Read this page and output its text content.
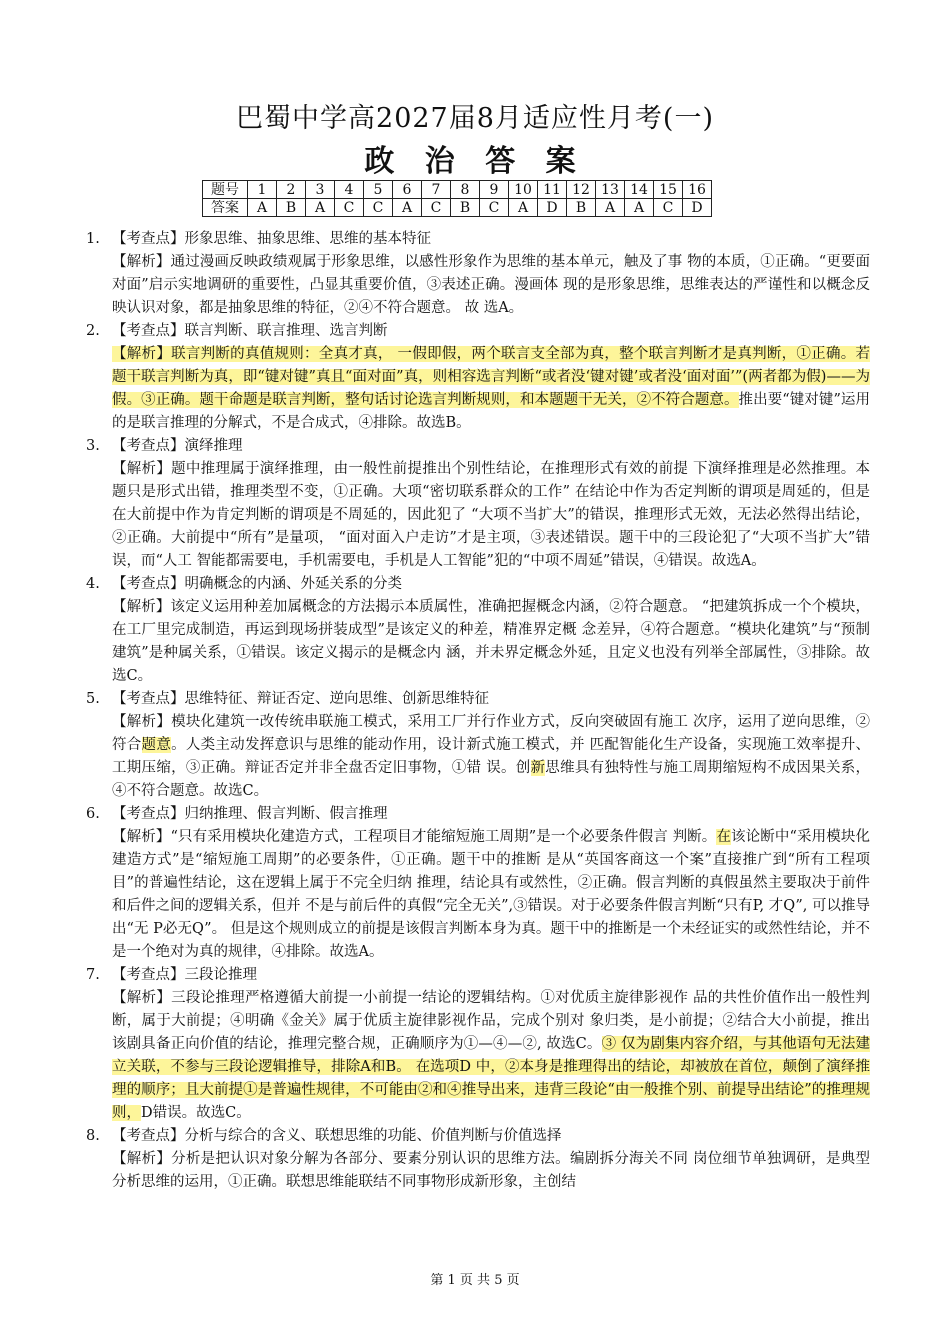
巴蜀中学高2027届8月适应性月考(一)
政 治 答 案
题号	1	2	3	4	5	6	7	8	9	10	11	12	13	14	15	16
答案	A	B	A	C	C	A	C	B	C	A	D	B	A	A	C	D
1. 【考查点】形象思维、抽象思维、思维的基本特征
【解析】通过漫画反映政绩观属于形象思维，以感性形象作为思维的基本单元，触及了事 物的本质，①正确。“更要面对面”启示实地调研的重要性，凸显其重要价值，③表述正确。漫画体 现的是形象思维，思维表达的严谨性和以概念反映认识对象，都是抽象思维的特征，②④不符合题意。 故 选A。
2. 【考查点】联言判断、联言推理、选言判断
【解析】联言判断的真值规则：全真才真， 一假即假，两个联言支全部为真，整个联言判断才是真判断，①正确。若题干联言判断为真，即“键对键”真且“面对面”真，则相容选言判断“或者没‘键对键’或者没‘面对面’”(两者都为假)——为假。③正确。题干命题是联言判断，整句话讨论选言判断规则，和本题题干无关，②不符合题意。推出要“键对键”运用的是联言推理的分解式，不是合成式，④排除。故选B。
3. 【考查点】演绎推理
【解析】题中推理属于演绎推理，由一般性前提推出个别性结论，在推理形式有效的前提 下演绎推理是必然推理。本题只是形式出错，推理类型不变，①正确。大项“密切联系群众的工作” 在结论中作为否定判断的谓项是周延的，但是在大前提中作为肯定判断的谓项是不周延的，因此犯了 “大项不当扩大”的错误，推理形式无效，无法必然得出结论，②正确。大前提中“所有”是量项， “面对面入户走访”才是主项，③表述错误。题干中的三段论犯了“大项不当扩大”错误，而“人工 智能都需要电，手机需要电，手机是人工智能”犯的“中项不周延”错误，④错误。故选A。
4. 【考查点】明确概念的内涵、外延关系的分类
【解析】该定义运用种差加属概念的方法揭示本质属性，准确把握概念内涵，②符合题意。 “把建筑拆成一个个模块，在工厂里完成制造，再运到现场拼装成型”是该定义的种差，精准界定概 念差异，④符合题意。“模块化建筑”与“预制建筑”是种属关系，①错误。该定义揭示的是概念内 涵，并未界定概念外延，且定义也没有列举全部属性，③排除。故选C。
5. 【考查点】思维特征、辩证否定、逆向思维、创新思维特征
【解析】模块化建筑一改传统串联施工模式，采用工厂并行作业方式，反向突破固有施工 次序，运用了逆向思维，②符合题意。人类主动发挥意识与思维的能动作用，设计新式施工模式，并 匹配智能化生产设备，实现施工效率提升、工期压缩，③正确。辩证否定并非全盘否定旧事物，①错 误。创新思维具有独特性与施工周期缩短构不成因果关系，④不符合题意。故选C。
6. 【考查点】归纳推理、假言判断、假言推理
【解析】“只有采用模块化建造方式，工程项目才能缩短施工周期”是一个必要条件假言 判断。在该论断中“采用模块化建造方式”是“缩短施工周期”的必要条件，①正确。题干中的推断 是从“英国客商这一个案”直接推广到“所有工程项目”的普遍性结论，这在逻辑上属于不完全归纳 推理，结论具有或然性，②正确。假言判断的真假虽然主要取决于前件和后件之间的逻辑关系，但并 不是与前后件的真假“完全无关”,③错误。对于必要条件假言判断“只有P, 才Q”, 可以推导出“无 P必无Q”。 但是这个规则成立的前提是该假言判断本身为真。题干中的推断是一个未经证实的或然性结论，并不是一个绝对为真的规律，④排除。故选A。
7. 【考查点】三段论推理
【解析】三段论推理严格遵循大前提一小前提一结论的逻辑结构。①对优质主旋律影视作 品的共性价值作出一般性判断，属于大前提；④明确《金关》属于优质主旋律影视作品，完成个别对 象归类，是小前提；②结合大小前提，推出该剧具备正向价值的结论，推理完整合规，正确顺序为①—④—②, 故选C。③ 仅为剧集内容介绍，与其他语句无法建立关联，不参与三段论逻辑推导，排除A和B。 在选项D 中，②本身是推理得出的结论，却被放在首位，颠倒了演绎推理的顺序；且大前提①是普遍性规律，不可能由②和④推导出来，违背三段论“由一般推个别、前提导出结论”的推理规则，D错误。故选C。
8. 【考查点】分析与综合的含义、联想思维的功能、价值判断与价值选择
【解析】分析是把认识对象分解为各部分、要素分别认识的思维方法。编剧拆分海关不同 岗位细节单独调研，是典型分析思维的运用，①正确。联想思维能联结不同事物形成新形象，主创结
第 1 页 共 5 页
